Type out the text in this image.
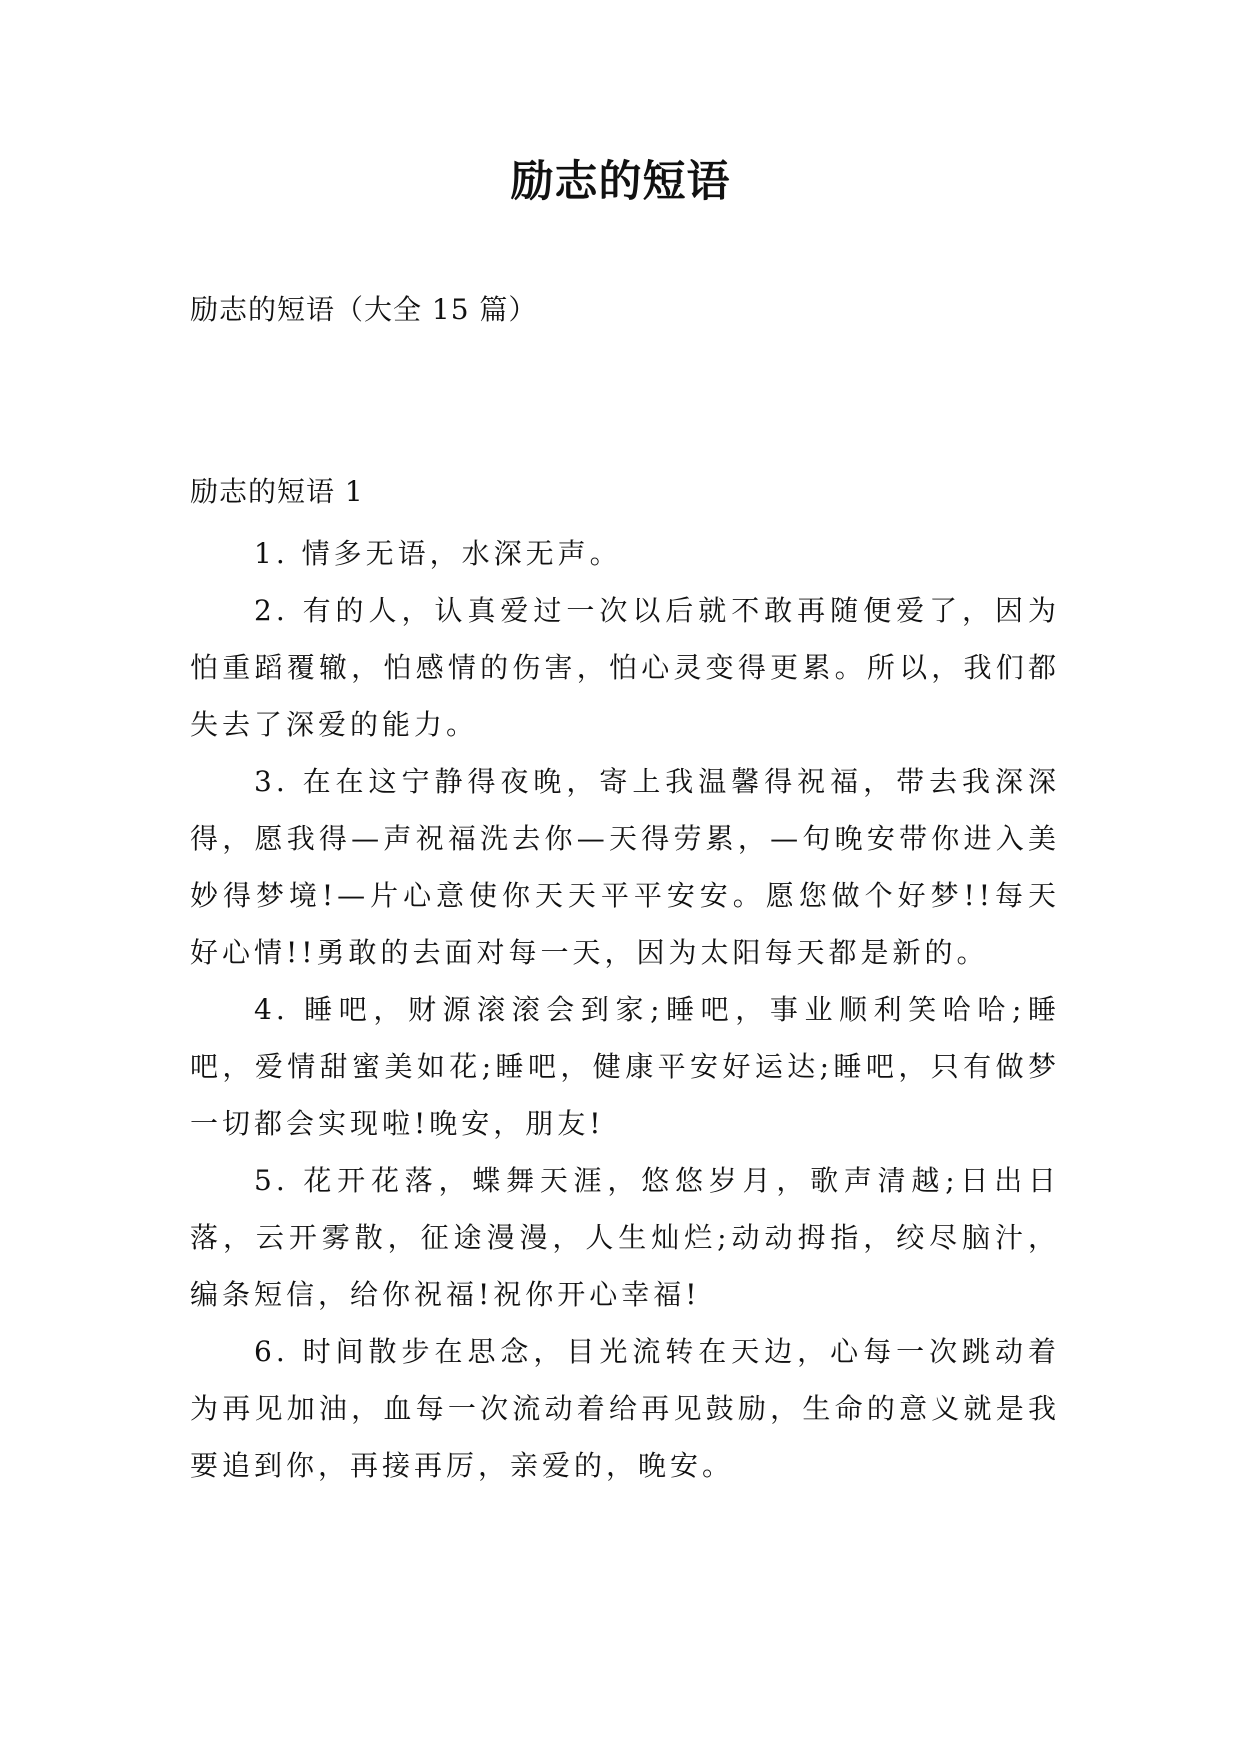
励志的短语
励志的短语（大全 15 篇）
励志的短语 1

1. 情多无语，水深无声。

2. 有的人，认真爱过一次以后就不敢再随便爱了，因为怕重蹈覆辙，怕感情的伤害，怕心灵变得更累。所以，我们都失去了深爱的能力。

3. 在在这宁静得夜晚，寄上我温馨得祝福，带去我深深得，愿我得—声祝福洗去你—天得劳累，—句晚安带你进入美妙得梦境!—片心意使你天天平平安安。愿您做个好梦!!每天好心情!!勇敢的去面对每一天，因为太阳每天都是新的。

4. 睡吧，财源滚滚会到家;睡吧，事业顺利笑哈哈;睡吧，爱情甜蜜美如花;睡吧，健康平安好运达;睡吧，只有做梦一切都会实现啦!晚安，朋友!

5. 花开花落，蝶舞天涯，悠悠岁月，歌声清越;日出日落，云开雾散，征途漫漫，人生灿烂;动动拇指，绞尽脑汁，编条短信，给你祝福!祝你开心幸福!

6. 时间散步在思念，目光流转在天边，心每一次跳动着为再见加油，血每一次流动着给再见鼓励，生命的意义就是我要追到你，再接再厉，亲爱的，晚安。
